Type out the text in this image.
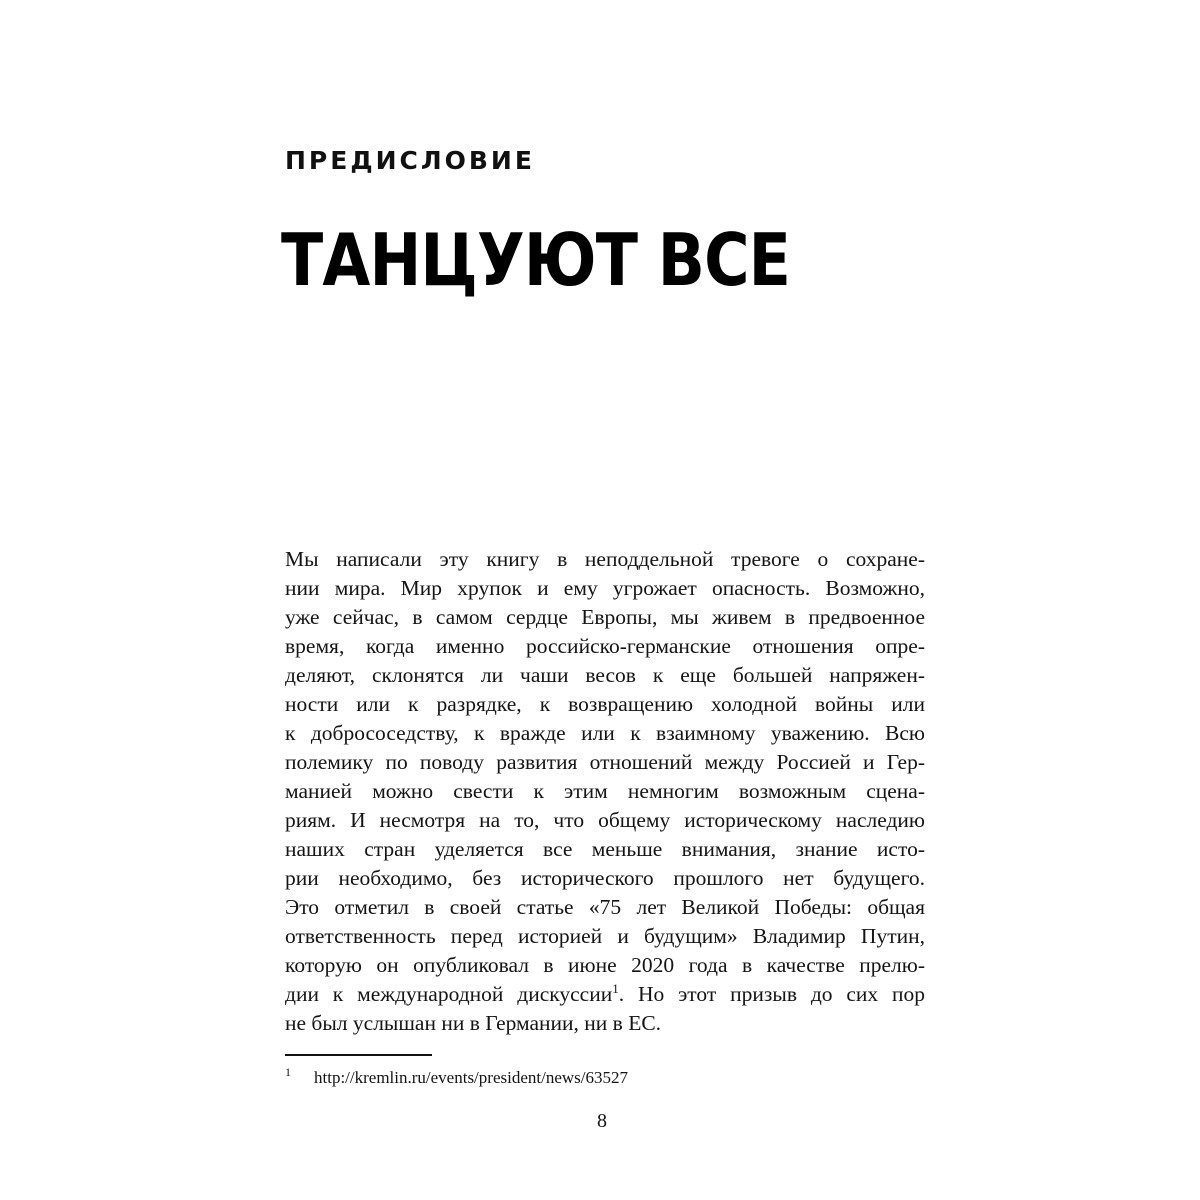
ПРЕДИСЛОВИЕ
ТАНЦУЮТ ВСЕ
Мы написали эту книгу в неподдельной тревоге о сохране-
нии мира. Мир хрупок и ему угрожает опасность. Возможно,
уже сейчас, в самом сердце Европы, мы живем в предвоенное
время, когда именно российско-германские отношения опре-
деляют, склонятся ли чаши весов к еще большей напряжен-
ности или к разрядке, к возвращению холодной войны или
к добрососедству, к вражде или к взаимному уважению. Всю
полемику по поводу развития отношений между Россией и Гер-
манией можно свести к этим немногим возможным сцена-
риям. И несмотря на то, что общему историческому наследию
наших стран уделяется все меньше внимания, знание исто-
рии необходимо, без исторического прошлого нет будущего.
Это отметил в своей статье «75 лет Великой Победы: общая
ответственность перед историей и будущим» Владимир Путин,
которую он опубликовал в июне 2020 года в качестве прелю-
дии к международной дискуссии$^1$. Но этот призыв до сих пор
не был услышан ни в Германии, ни в ЕС.
1 http://kremlin.ru/events/president/news/63527
8
